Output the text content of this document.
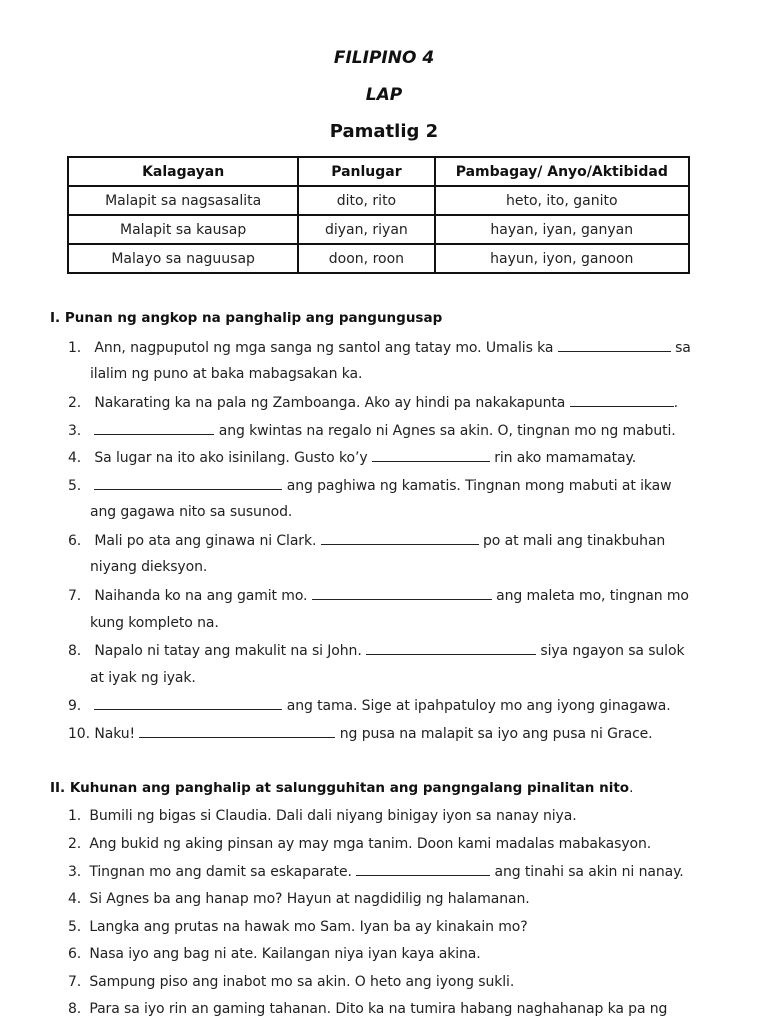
FILIPINO 4
LAP
Pamatlig 2
Kalagayan	Panlugar	Pambagay/ Anyo/Aktibidad
Malapit sa nagsasalita	dito, rito	heto, ito, ganito
Malapit sa kausap	diyan, riyan	hayan, iyan, ganyan
Malayo sa naguusap	doon, roon	hayun, iyon, ganoon
I. Punan ng angkop na panghalip ang pangungusap
1. Ann, nagpuputol ng mga sanga ng santol ang tatay mo. Umalis ka	sa
ilalim ng puno at baka mabagsakan ka.
2. Nakarating ka na pala ng Zamboanga. Ako ay hindi pa nakakapunta	.
3.	ang kwintas na regalo ni Agnes sa akin. O, tingnan mo ng mabuti.
4. Sa lugar na ito ako isinilang. Gusto ko’y	rin ako mamamatay.
5.	ang paghiwa ng kamatis. Tingnan mong mabuti at ikaw
ang gagawa nito sa susunod.
6. Mali po ata ang ginawa ni Clark.	po at mali ang tinakbuhan
niyang dieksyon.
7. Naihanda ko na ang gamit mo.	ang maleta mo, tingnan mo
kung kompleto na.
8. Napalo ni tatay ang makulit na si John.	siya ngayon sa sulok
at iyak ng iyak.
9.	ang tama. Sige at ipahpatuloy mo ang iyong ginagawa.
10. Naku!	ng pusa na malapit sa iyo ang pusa ni Grace.
II. Kuhunan ang panghalip at salungguhitan ang pangngalang pinalitan nito.
1. Bumili ng bigas si Claudia. Dali dali niyang binigay iyon sa nanay niya.
2. Ang bukid ng aking pinsan ay may mga tanim. Doon kami madalas mabakasyon.
3. Tingnan mo ang damit sa eskaparate.	ang tinahi sa akin ni nanay.
4. Si Agnes ba ang hanap mo? Hayun at nagdidilig ng halamanan.
5. Langka ang prutas na hawak mo Sam. Iyan ba ay kinakain mo?
6. Nasa iyo ang bag ni ate. Kailangan niya iyan kaya akina.
7. Sampung piso ang inabot mo sa akin. O heto ang iyong sukli.
8. Para sa iyo rin an gaming tahanan. Dito ka na tumira habang naghahanap ka pa ng
